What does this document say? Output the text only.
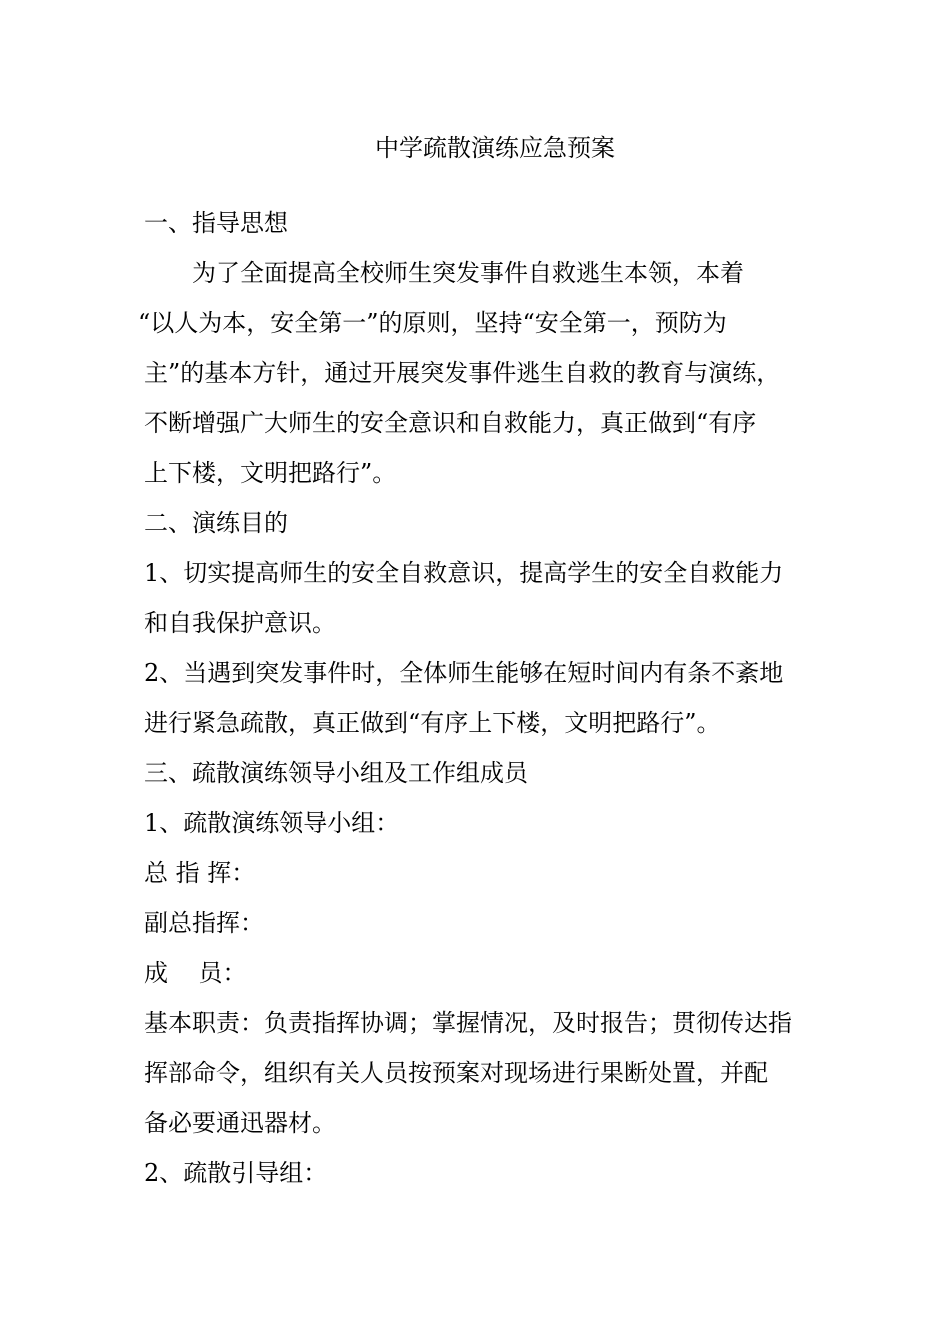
中学疏散演练应急预案
一、指导思想
为了全面提高全校师生突发事件自救逃生本领，本着
“以人为本，安全第一”的原则，坚持“安全第一，预防为
主”的基本方针，通过开展突发事件逃生自救的教育与演练，
不断增强广大师生的安全意识和自救能力，真正做到“有序
上下楼，文明把路行”。
二、演练目的
1、切实提高师生的安全自救意识，提高学生的安全自救能力
和自我保护意识。
2、当遇到突发事件时，全体师生能够在短时间内有条不紊地
进行紧急疏散，真正做到“有序上下楼，文明把路行”。
三、疏散演练领导小组及工作组成员
1、疏散演练领导小组：
总 指 挥：
副总指挥：
成    员：
基本职责：负责指挥协调；掌握情况，及时报告；贯彻传达指
挥部命令，组织有关人员按预案对现场进行果断处置，并配
备必要通迅器材。
2、疏散引导组：
